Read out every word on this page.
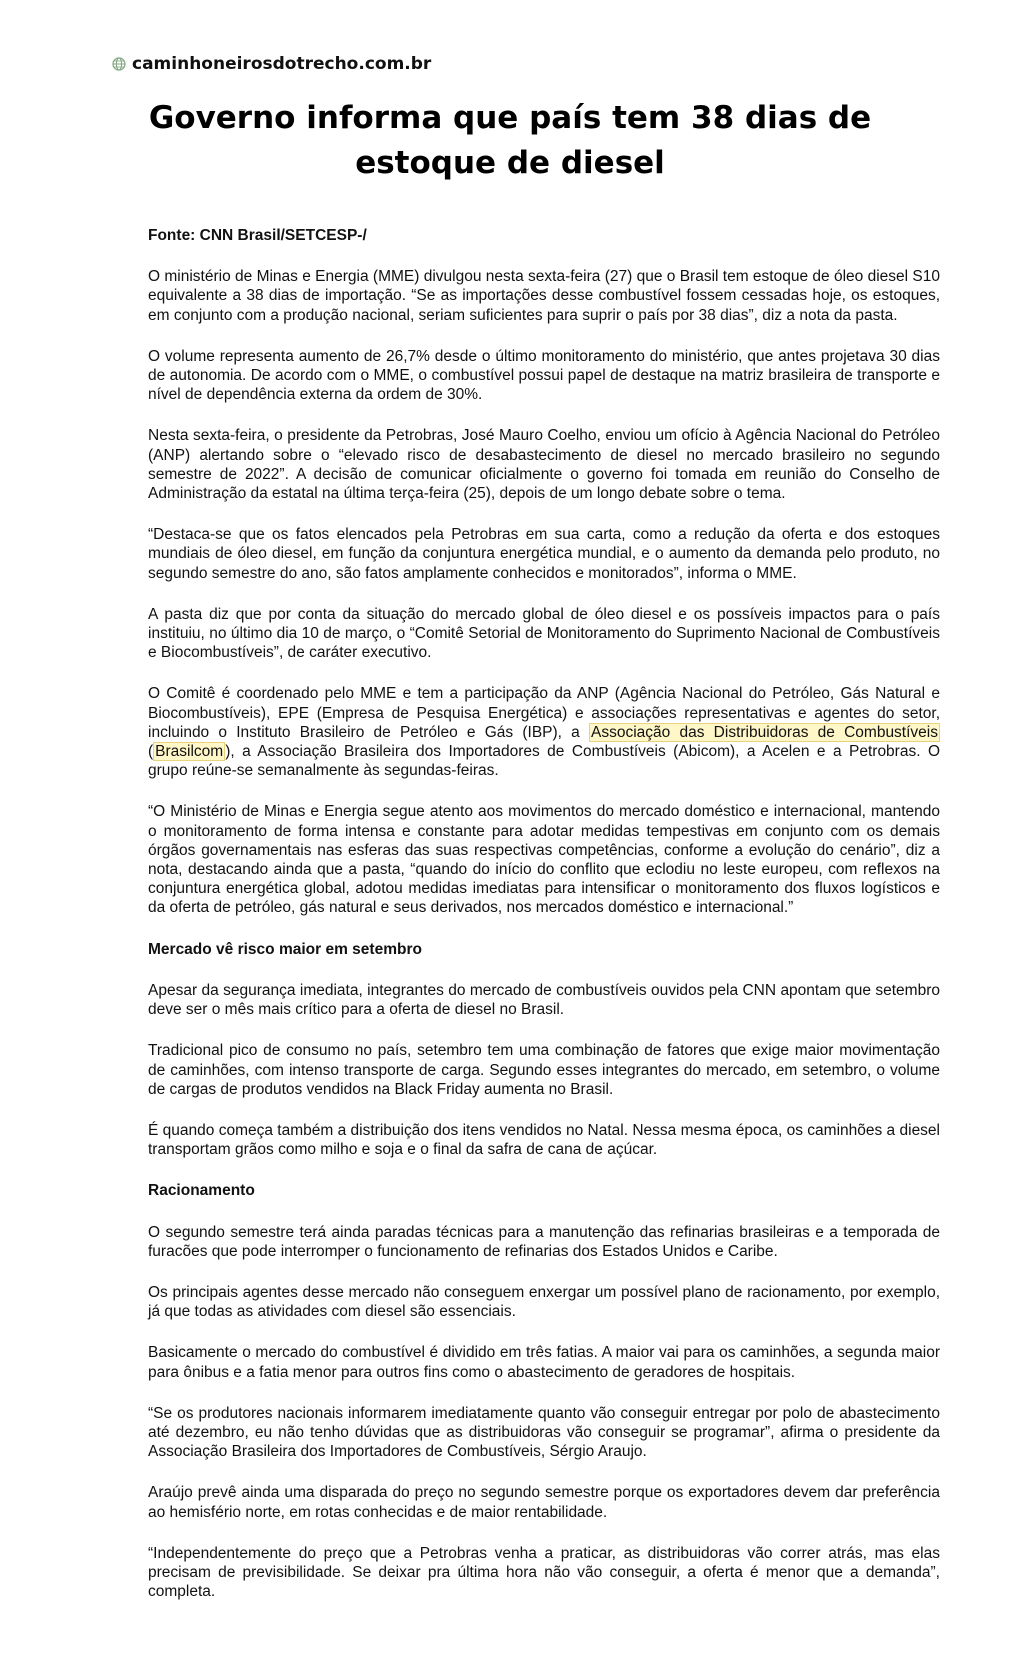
caminhoneirosdotrecho.com.br
Governo informa que país tem 38 dias de estoque de diesel

Fonte: CNN Brasil/SETCESP-/

O ministério de Minas e Energia (MME) divulgou nesta sexta-feira (27) que o Brasil tem estoque de óleo diesel S10 equivalente a 38 dias de importação. “Se as importações desse combustível fossem cessadas hoje, os estoques, em conjunto com a produção nacional, seriam suficientes para suprir o país por 38 dias”, diz a nota da pasta.

O volume representa aumento de 26,7% desde o último monitoramento do ministério, que antes projetava 30 dias de autonomia. De acordo com o MME, o combustível possui papel de destaque na matriz brasileira de transporte e nível de dependência externa da ordem de 30%.

Nesta sexta-feira, o presidente da Petrobras, José Mauro Coelho, enviou um ofício à Agência Nacional do Petróleo (ANP) alertando sobre o “elevado risco de desabastecimento de diesel no mercado brasileiro no segundo semestre de 2022”. A decisão de comunicar oficialmente o governo foi tomada em reunião do Conselho de Administração da estatal na última terça-feira (25), depois de um longo debate sobre o tema.

“Destaca-se que os fatos elencados pela Petrobras em sua carta, como a redução da oferta e dos estoques mundiais de óleo diesel, em função da conjuntura energética mundial, e o aumento da demanda pelo produto, no segundo semestre do ano, são fatos amplamente conhecidos e monitorados”, informa o MME.

A pasta diz que por conta da situação do mercado global de óleo diesel e os possíveis impactos para o país instituiu, no último dia 10 de março, o “Comitê Setorial de Monitoramento do Suprimento Nacional de Combustíveis e Biocombustíveis”, de caráter executivo.

O Comitê é coordenado pelo MME e tem a participação da ANP (Agência Nacional do Petróleo, Gás Natural e Biocombustíveis), EPE (Empresa de Pesquisa Energética) e associações representativas e agentes do setor, incluindo o Instituto Brasileiro de Petróleo e Gás (IBP), a Associação das Distribuidoras de Combustíveis ( Brasilcom ), a Associação Brasileira dos Importadores de Combustíveis (Abicom), a Acelen e a Petrobras. O grupo reúne-se semanalmente às segundas-feiras.

“O Ministério de Minas e Energia segue atento aos movimentos do mercado doméstico e internacional, mantendo o monitoramento de forma intensa e constante para adotar medidas tempestivas em conjunto com os demais órgãos governamentais nas esferas das suas respectivas competências, conforme a evolução do cenário”, diz a nota, destacando ainda que a pasta, “quando do início do conflito que eclodiu no leste europeu, com reflexos na conjuntura energética global, adotou medidas imediatas para intensificar o monitoramento dos fluxos logísticos e da oferta de petróleo, gás natural e seus derivados, nos mercados doméstico e internacional.”

Mercado vê risco maior em setembro

Apesar da segurança imediata, integrantes do mercado de combustíveis ouvidos pela CNN apontam que setembro deve ser o mês mais crítico para a oferta de diesel no Brasil.

Tradicional pico de consumo no país, setembro tem uma combinação de fatores que exige maior movimentação de caminhões, com intenso transporte de carga. Segundo esses integrantes do mercado, em setembro, o volume de cargas de produtos vendidos na Black Friday aumenta no Brasil.

É quando começa também a distribuição dos itens vendidos no Natal. Nessa mesma época, os caminhões a diesel transportam grãos como milho e soja e o final da safra de cana de açúcar.

Racionamento

O segundo semestre terá ainda paradas técnicas para a manutenção das refinarias brasileiras e a temporada de furacões que pode interromper o funcionamento de refinarias dos Estados Unidos e Caribe.

Os principais agentes desse mercado não conseguem enxergar um possível plano de racionamento, por exemplo, já que todas as atividades com diesel são essenciais.

Basicamente o mercado do combustível é dividido em três fatias. A maior vai para os caminhões, a segunda maior para ônibus e a fatia menor para outros fins como o abastecimento de geradores de hospitais.

“Se os produtores nacionais informarem imediatamente quanto vão conseguir entregar por polo de abastecimento até dezembro, eu não tenho dúvidas que as distribuidoras vão conseguir se programar”, afirma o presidente da Associação Brasileira dos Importadores de Combustíveis, Sérgio Araujo.

Araújo prevê ainda uma disparada do preço no segundo semestre porque os exportadores devem dar preferência ao hemisfério norte, em rotas conhecidas e de maior rentabilidade.

“Independentemente do preço que a Petrobras venha a praticar, as distribuidoras vão correr atrás, mas elas precisam de previsibilidade. Se deixar pra última hora não vão conseguir, a oferta é menor que a demanda”, completa.
